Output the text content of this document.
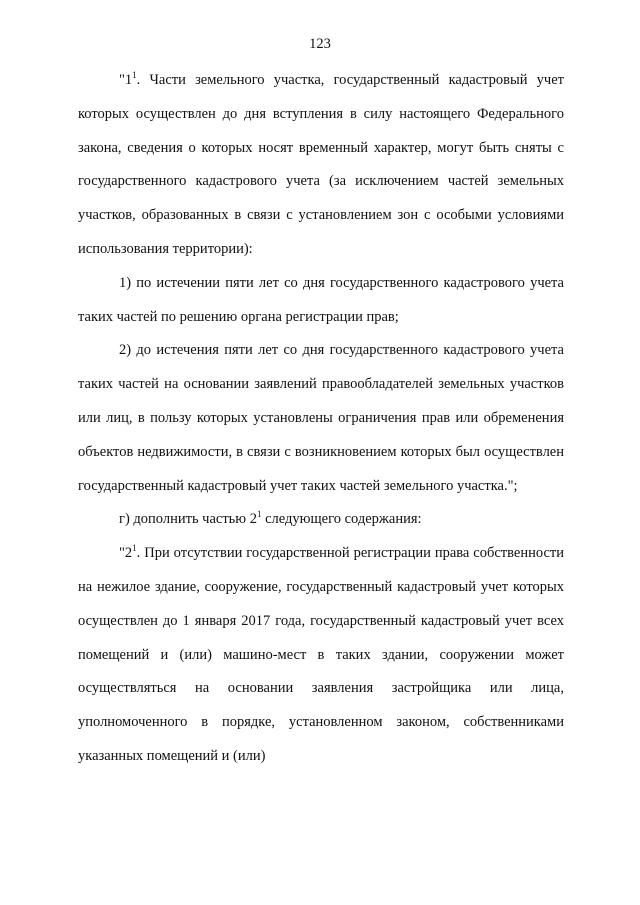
123

"$1^1$. Части земельного участка, государственный кадастровый учет которых осуществлен до дня вступления в силу настоящего Федерального закона, сведения о которых носят временный характер, могут быть сняты с государственного кадастрового учета (за исключением частей земельных участков, образованных в связи с установлением зон с особыми условиями использования территории):

1) по истечении пяти лет со дня государственного кадастрового учета таких частей по решению органа регистрации прав;

2) до истечения пяти лет со дня государственного кадастрового учета таких частей на основании заявлений правообладателей земельных участков или лиц, в пользу которых установлены ограничения прав или обременения объектов недвижимости, в связи с возникновением которых был осуществлен государственный кадастровый учет таких частей земельного участка.";

г) дополнить частью $2^1$ следующего содержания:

"$2^1$. При отсутствии государственной регистрации права собственности на нежилое здание, сооружение, государственный кадастровый учет которых осуществлен до 1 января 2017 года, государственный кадастровый учет всех помещений и (или) машино-мест в таких здании, сооружении может осуществляться на основании заявления застройщика или лица, уполномоченного в порядке, установленном законом, собственниками указанных помещений и (или)
